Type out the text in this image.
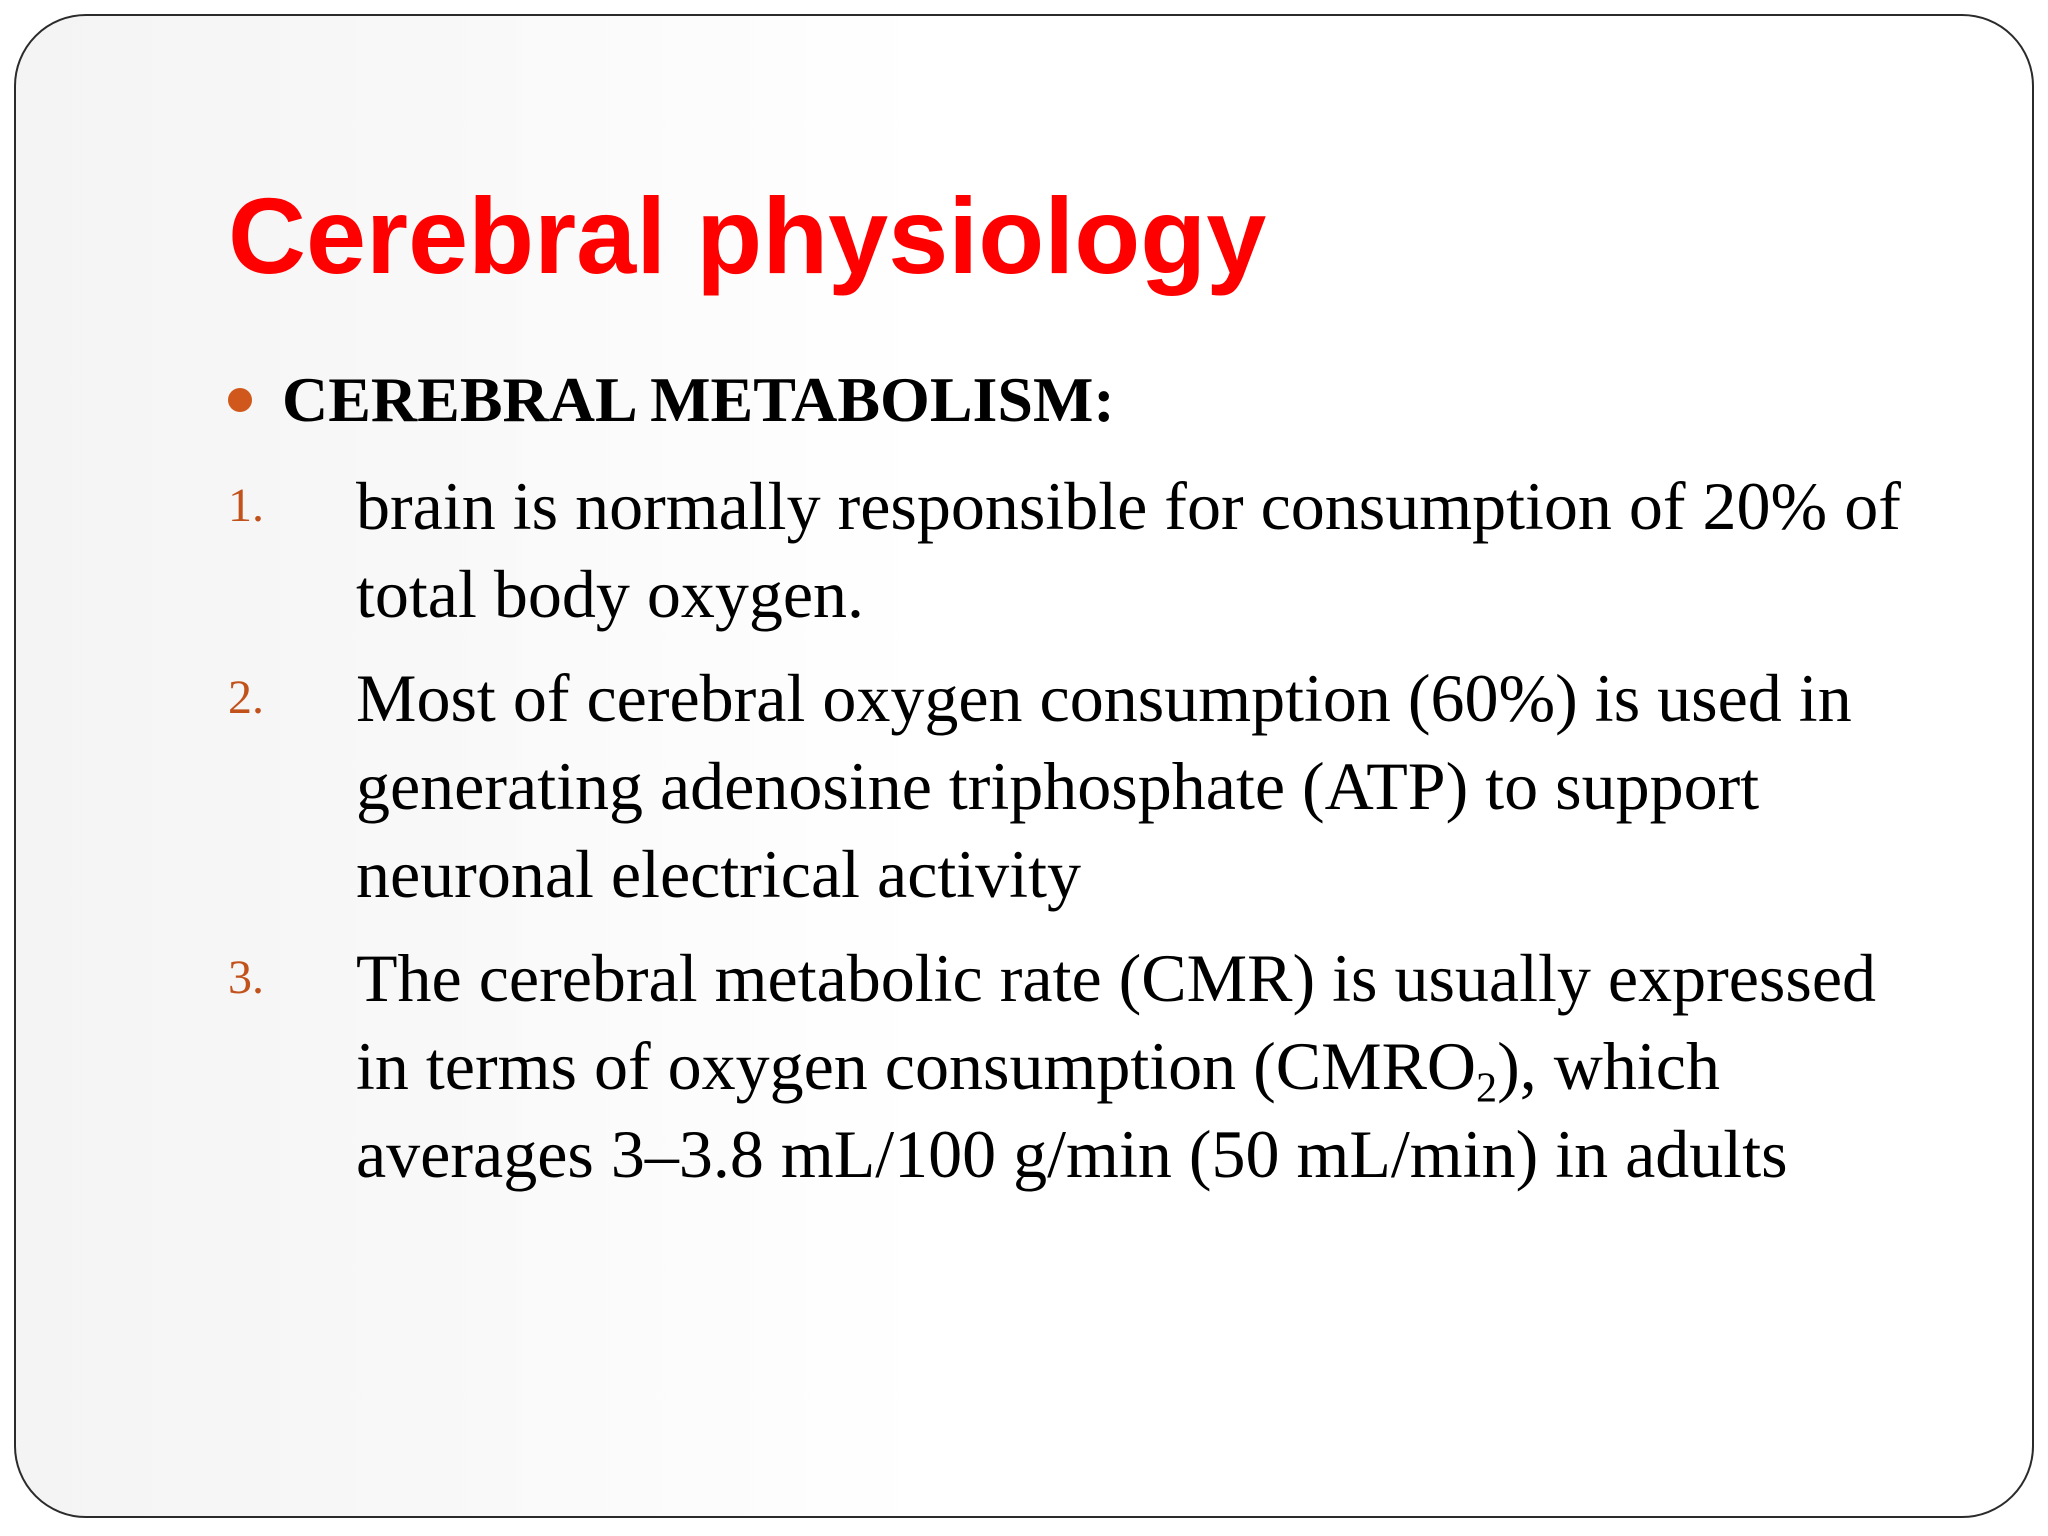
Cerebral physiology
CEREBRAL METABOLISM:
1.	brain is normally responsible for consumption of 20% of total body oxygen.
2.	Most of cerebral oxygen consumption (60%) is used in generating adenosine triphosphate (ATP) to support neuronal electrical activity
3.	The cerebral metabolic rate (CMR) is usually expressed in terms of oxygen consumption $(CMRO_2)$, which averages 3–3.8 mL/100 g/min (50 mL/min) in adults
